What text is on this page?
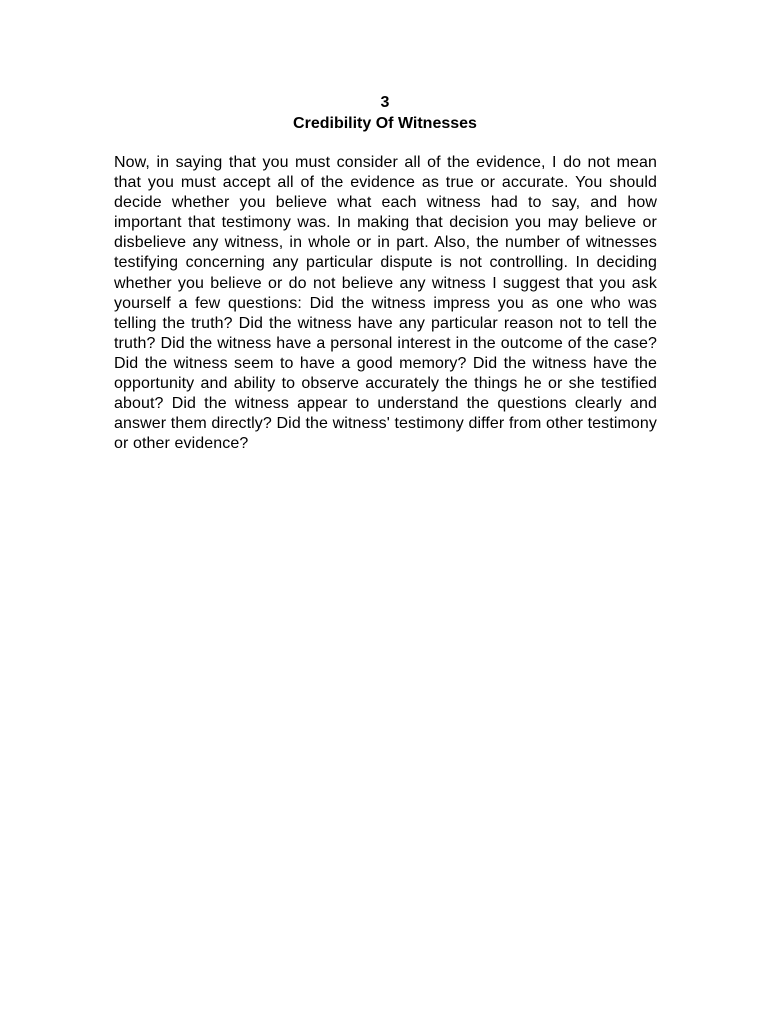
3
Credibility Of Witnesses

Now, in saying that you must consider all of the evidence, I do not mean that you must accept all of the evidence as true or accurate. You should decide whether you believe what each witness had to say, and how important that testimony was. In making that decision you may believe or disbelieve any witness, in whole or in part. Also, the number of witnesses testifying concerning any particular dispute is not controlling. In deciding whether you believe or do not believe any witness I suggest that you ask yourself a few questions: Did the witness impress you as one who was telling the truth? Did the witness have any particular reason not to tell the truth? Did the witness have a personal interest in the outcome of the case? Did the witness seem to have a good memory? Did the witness have the opportunity and ability to observe accurately the things he or she testified about? Did the witness appear to understand the questions clearly and answer them directly? Did the witness' testimony differ from other testimony or other evidence?
